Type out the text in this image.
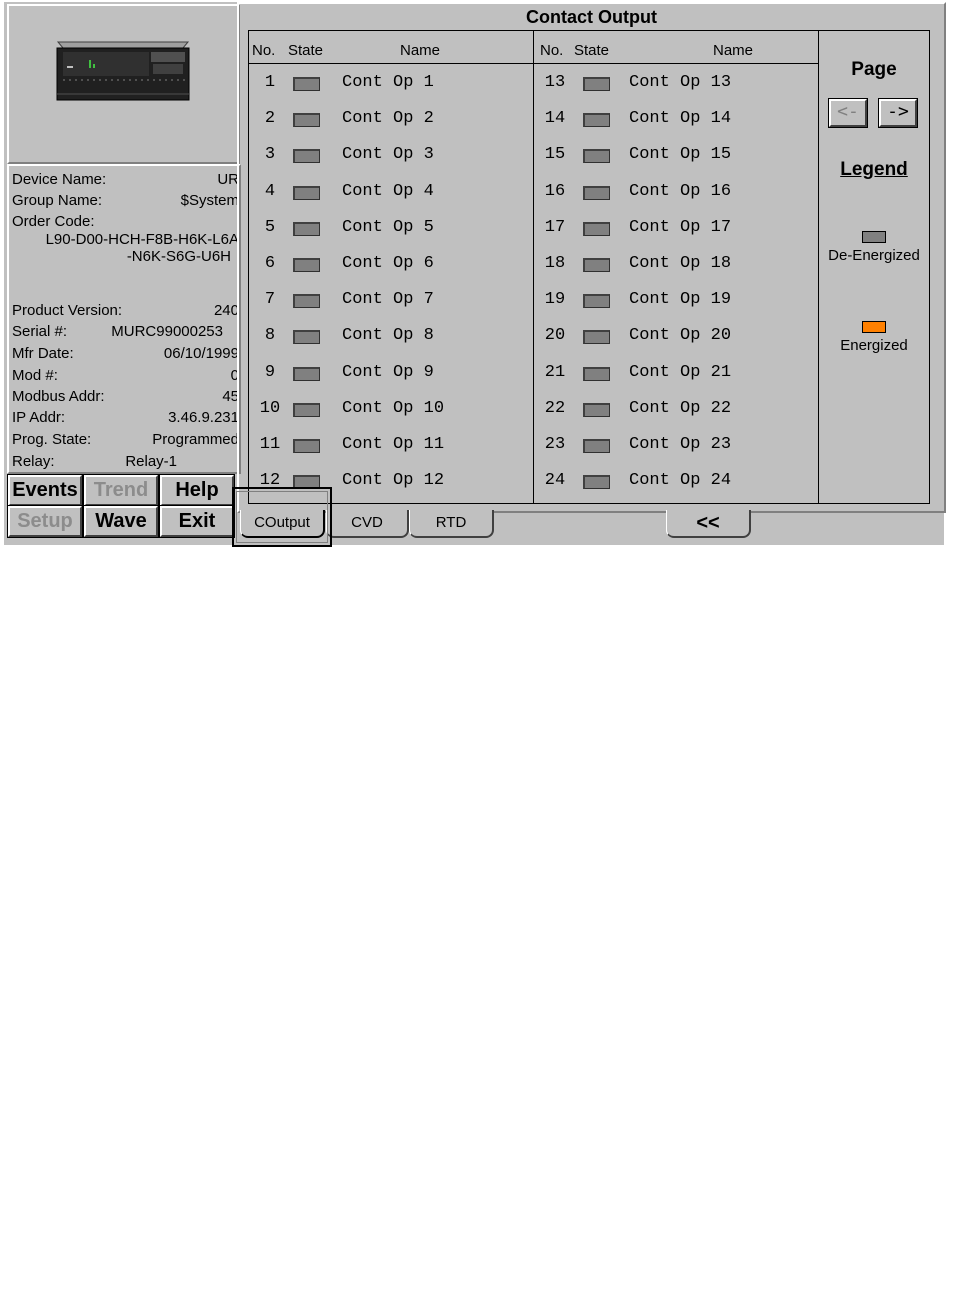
Device Name:	UR
Group Name:	$System
Order Code:
L90-D00-HCH-F8B-H6K-L6A
-N6K-S6G-U6H
Product Version:	240
Serial #:	MURC99000253
Mfr Date:	06/10/1999
Mod #:	0
Modbus Addr:	45
IP Addr:	3.46.9.231
Prog. State:	Programmed
Relay:	Relay-1
Events Trend	Help
Setup	Wave	Exit
Contact Output
No. State	Name
1	Cont Op 1
2	Cont Op 2
3	Cont Op 3
4	Cont Op 4
5	Cont Op 5
6	Cont Op 6
7	Cont Op 7
8	Cont Op 8
9	Cont Op 9
10	Cont Op 10
11	Cont Op 11
12	Cont Op 12
No. State	Name
13	Cont Op 13
14	Cont Op 14
15	Cont Op 15
16	Cont Op 16
17	Cont Op 17
18	Cont Op 18
19	Cont Op 19
20	Cont Op 20
21	Cont Op 21
22	Cont Op 22
23	Cont Op 23
24	Cont Op 24
Page
<-	->
Legend
De-Energized
Energized
COutput	CVD	RTD	<<
